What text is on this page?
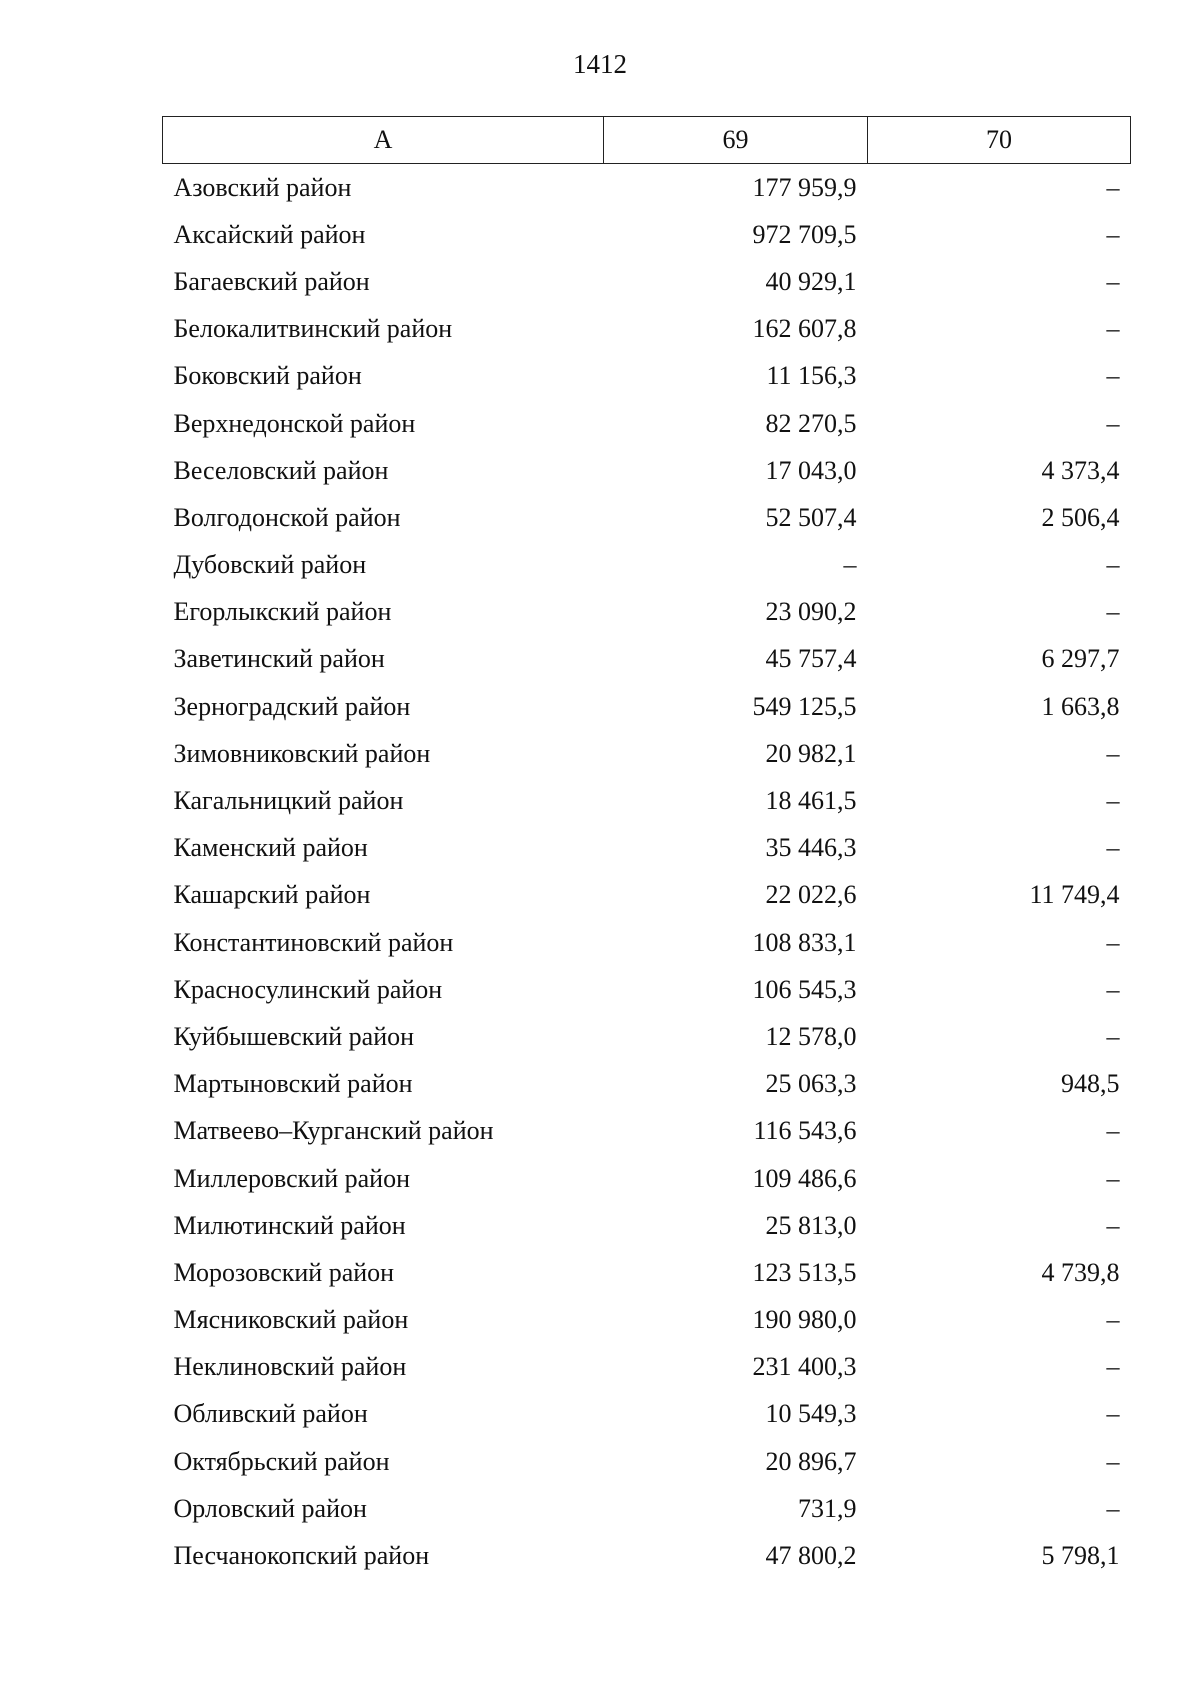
1412
А	69	70
Азовский район	177 959,9	–
Аксайский район	972 709,5	–
Багаевский район	40 929,1	–
Белокалитвинский район	162 607,8	–
Боковский район	11 156,3	–
Верхнедонской район	82 270,5	–
Веселовский район	17 043,0	4 373,4
Волгодонской район	52 507,4	2 506,4
Дубовский район	–	–
Егорлыкский район	23 090,2	–
Заветинский район	45 757,4	6 297,7
Зерноградский район	549 125,5	1 663,8
Зимовниковский район	20 982,1	–
Кагальницкий район	18 461,5	–
Каменский район	35 446,3	–
Кашарский район	22 022,6	11 749,4
Константиновский район	108 833,1	–
Красносулинский район	106 545,3	–
Куйбышевский район	12 578,0	–
Мартыновский район	25 063,3	948,5
Матвеево–Курганский район	116 543,6	–
Миллеровский район	109 486,6	–
Милютинский район	25 813,0	–
Морозовский район	123 513,5	4 739,8
Мясниковский район	190 980,0	–
Неклиновский район	231 400,3	–
Обливский район	10 549,3	–
Октябрьский район	20 896,7	–
Орловский район	731,9	–
Песчанокопский район	47 800,2	5 798,1
